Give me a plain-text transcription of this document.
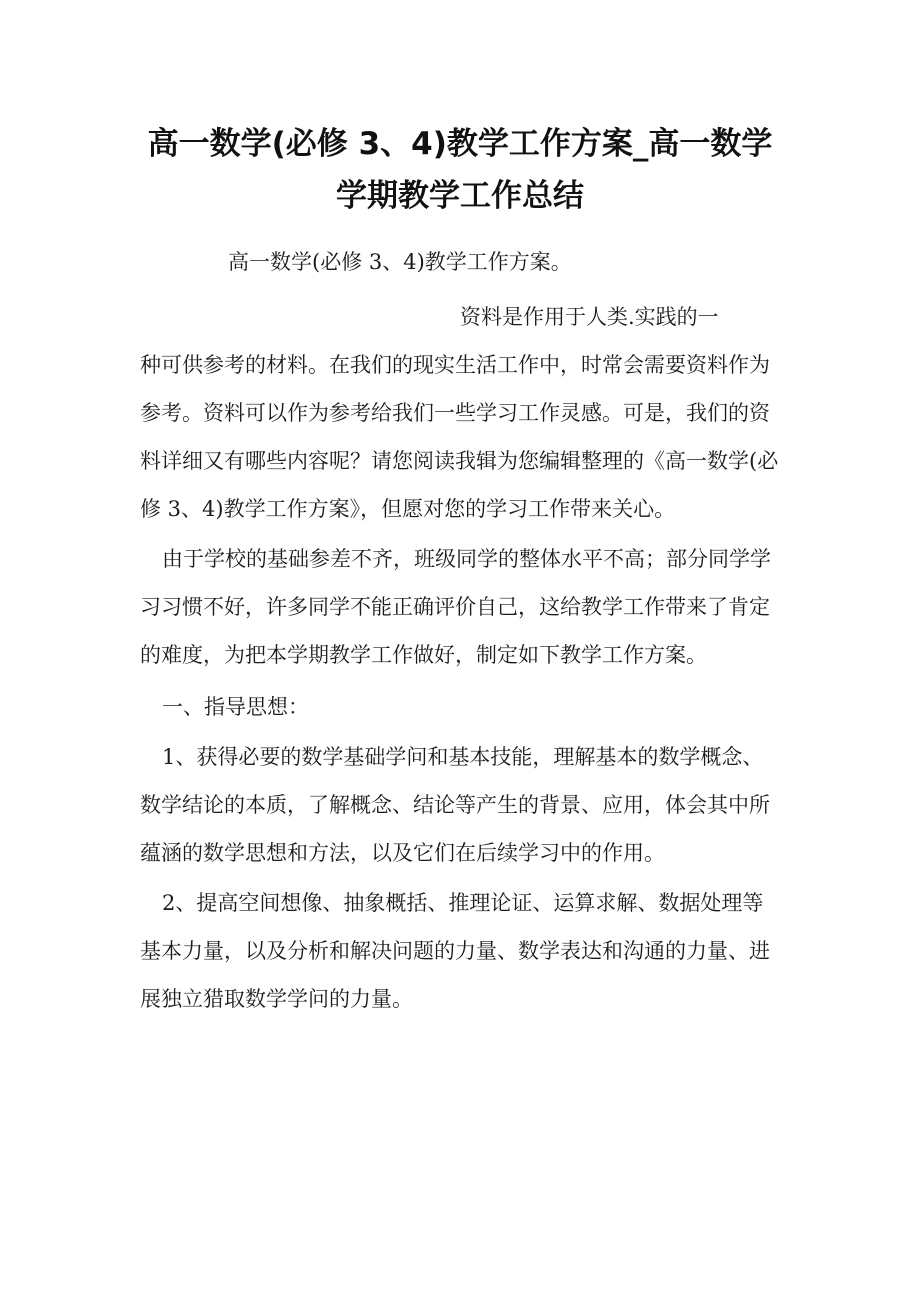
高一数学(必修 3、4)教学工作方案_高一数学学期教学工作总结

高一数学(必修 3、4)教学工作方案。

资料是作用于人类.实践的一
种可供参考的材料。在我们的现实生活工作中，时常会需要资料作为参考。资料可以作为参考给我们一些学习工作灵感。可是，我们的资料详细又有哪些内容呢？请您阅读我辑为您编辑整理的《高一数学(必修 3、4)教学工作方案》，但愿对您的学习工作带来关心。

由于学校的基础参差不齐，班级同学的整体水平不高；部分同学学习习惯不好，许多同学不能正确评价自己，这给教学工作带来了肯定的难度，为把本学期教学工作做好，制定如下教学工作方案。

一、指导思想：

1、获得必要的数学基础学问和基本技能，理解基本的数学概念、数学结论的本质，了解概念、结论等产生的背景、应用，体会其中所蕴涵的数学思想和方法，以及它们在后续学习中的作用。

2、提高空间想像、抽象概括、推理论证、运算求解、数据处理等基本力量，以及分析和解决问题的力量、数学表达和沟通的力量、进展独立猎取数学学问的力量。
